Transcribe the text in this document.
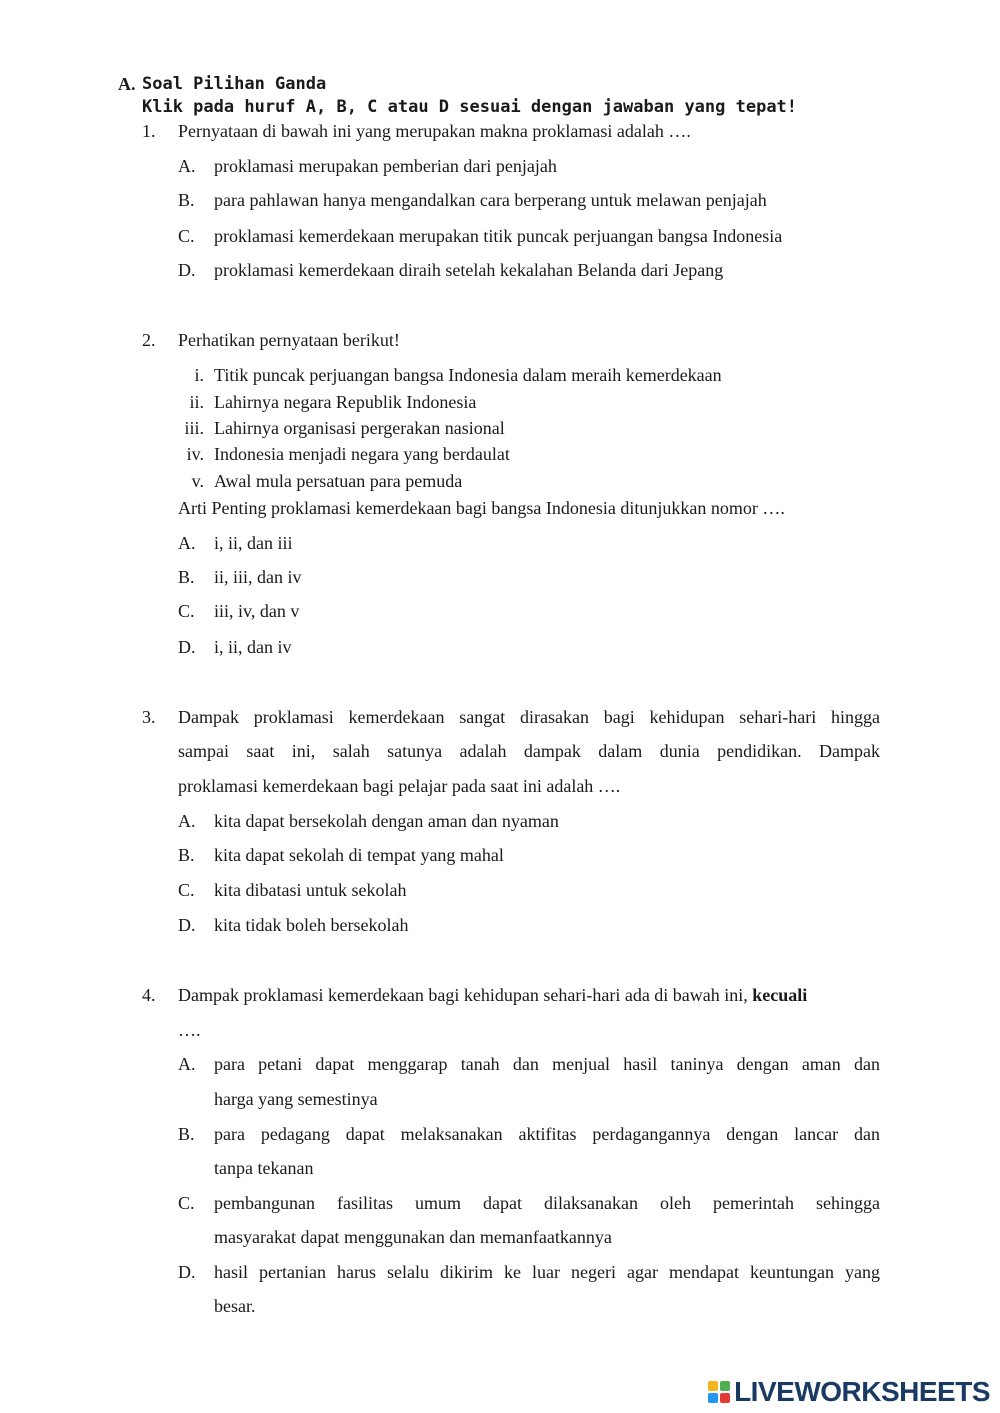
A. Soal Pilihan Ganda
Klik pada huruf A, B, C atau D sesuai dengan jawaban yang tepat!
1. Pernyataan di bawah ini yang merupakan makna proklamasi adalah ….
A. proklamasi merupakan pemberian dari penjajah
B. para pahlawan hanya mengandalkan cara berperang untuk melawan penjajah
C. proklamasi kemerdekaan merupakan titik puncak perjuangan bangsa Indonesia
D. proklamasi kemerdekaan diraih setelah kekalahan Belanda dari Jepang
2. Perhatikan pernyataan berikut!
i. Titik puncak perjuangan bangsa Indonesia dalam meraih kemerdekaan
ii. Lahirnya negara Republik Indonesia
iii. Lahirnya organisasi pergerakan nasional
iv. Indonesia menjadi negara yang berdaulat
v. Awal mula persatuan para pemuda
Arti Penting proklamasi kemerdekaan bagi bangsa Indonesia ditunjukkan nomor ….
A. i, ii, dan iii
B. ii, iii, dan iv
C. iii, iv, dan v
D. i, ii, dan iv
3. Dampak proklamasi kemerdekaan sangat dirasakan bagi kehidupan sehari-hari hingga
sampai saat ini, salah satunya adalah dampak dalam dunia pendidikan. Dampak
proklamasi kemerdekaan bagi pelajar pada saat ini adalah ….
A. kita dapat bersekolah dengan aman dan nyaman
B. kita dapat sekolah di tempat yang mahal
C. kita dibatasi untuk sekolah
D. kita tidak boleh bersekolah
4. Dampak proklamasi kemerdekaan bagi kehidupan sehari-hari ada di bawah ini, kecuali
….
A. para petani dapat menggarap tanah dan menjual hasil taninya dengan aman dan
harga yang semestinya
B. para pedagang dapat melaksanakan aktifitas perdagangannya dengan lancar dan
tanpa tekanan
C. pembangunan fasilitas umum dapat dilaksanakan oleh pemerintah sehingga
masyarakat dapat menggunakan dan memanfaatkannya
D. hasil pertanian harus selalu dikirim ke luar negeri agar mendapat keuntungan yang
besar.
LIVEWORKSHEETS
